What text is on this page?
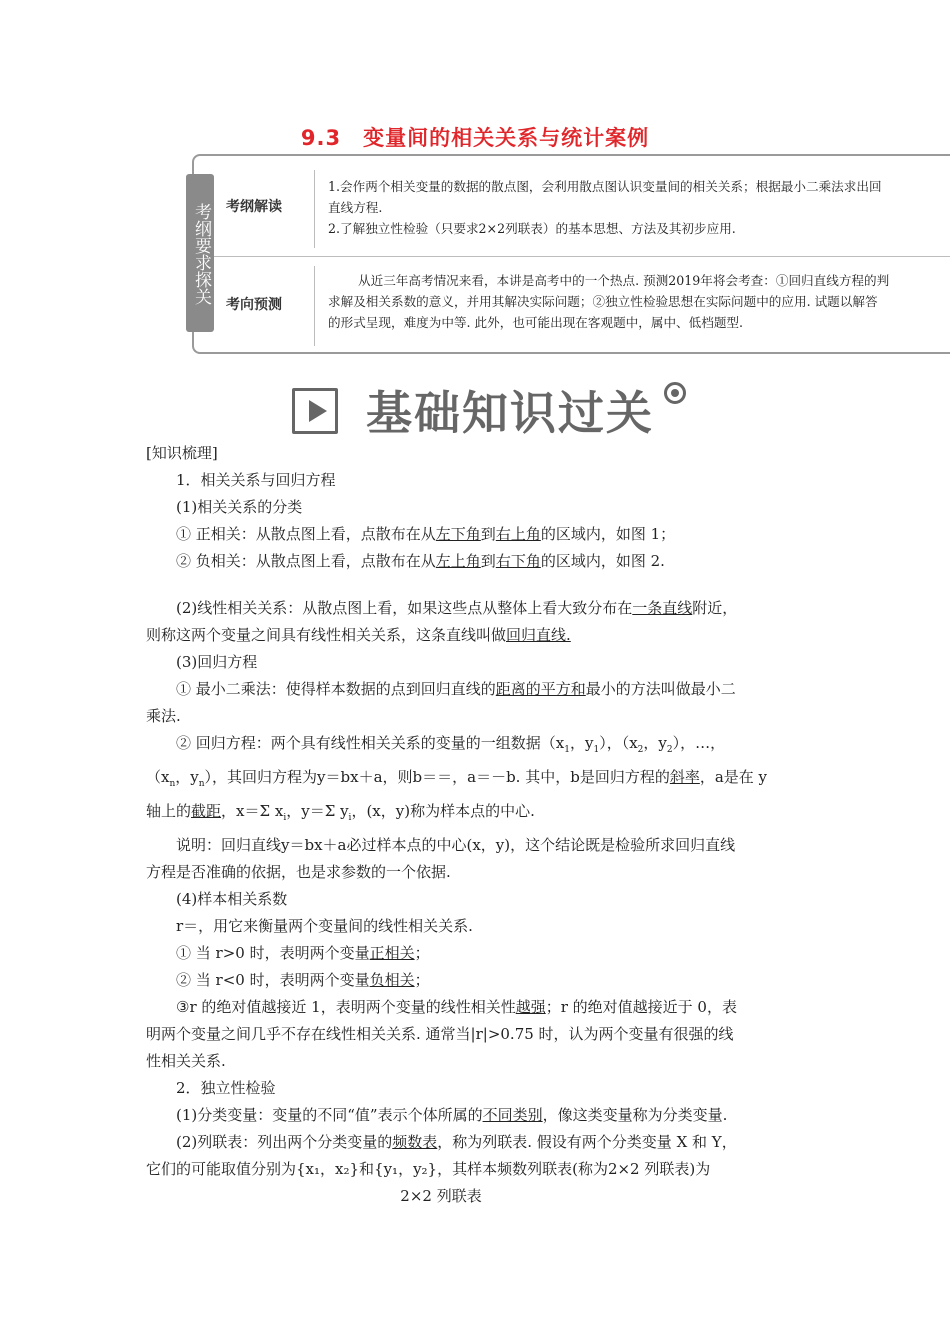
9.3　变量间的相关关系与统计案例
考纲要求探关 考纲解读
1.会作两个相关变量的数据的散点图，会利用散点图认识变量间的相关关系；根据最小二乘法求出回
直线方程.
2.了解独立性检验（只要求2×2列联表）的基本思想、方法及其初步应用.
考向预测
从近三年高考情况来看，本讲是高考中的一个热点. 预测2019年将会考查：①回归直线方程的判
求解及相关系数的意义，并用其解决实际问题；②独立性检验思想在实际问题中的应用. 试题以解答
的形式呈现，难度为中等. 此外，也可能出现在客观题中，属中、低档题型.
基础知识过关
[知识梳理]
1．相关关系与回归方程
(1)相关关系的分类
① 正相关：从散点图上看，点散布在从左下角到右上角的区域内，如图 1；
② 负相关：从散点图上看，点散布在从左上角到右下角的区域内，如图 2.
(2)线性相关关系：从散点图上看，如果这些点从整体上看大致分布在一条直线附近，
则称这两个变量之间具有线性相关关系，这条直线叫做回归直线.
(3)回归方程
① 最小二乘法：使得样本数据的点到回归直线的距离的平方和最小的方法叫做最小二
乘法.
② 回归方程：两个具有线性相关关系的变量的一组数据（$x_1$，$y_1$），（$x_2$，$y_2$），…，
（$x_n$，$y_n$），其回归方程为y＝bx＋a，则b＝＝，a＝－b. 其中，b是回归方程的斜率，a是在 y
轴上的截距，x＝Σ $x_i$，y＝Σ $y_i$，(x，y)称为样本点的中心.
说明：回归直线y＝bx＋a必过样本点的中心(x，y)，这个结论既是检验所求回归直线
方程是否准确的依据，也是求参数的一个依据.
(4)样本相关系数
r＝，用它来衡量两个变量间的线性相关关系.
① 当 r>0 时，表明两个变量正相关；
② 当 r<0 时，表明两个变量负相关；
③r 的绝对值越接近 1，表明两个变量的线性相关性越强；r 的绝对值越接近于 0，表
明两个变量之间几乎不存在线性相关关系. 通常当|r|>0.75 时，认为两个变量有很强的线
性相关关系.
2．独立性检验
(1)分类变量：变量的不同“值”表示个体所属的不同类别，像这类变量称为分类变量.
(2)列联表：列出两个分类变量的频数表，称为列联表. 假设有两个分类变量 X 和 Y，
它们的可能取值分别为{x₁，x₂}和{y₁，y₂}，其样本频数列联表(称为2×2 列联表)为
2×2 列联表
